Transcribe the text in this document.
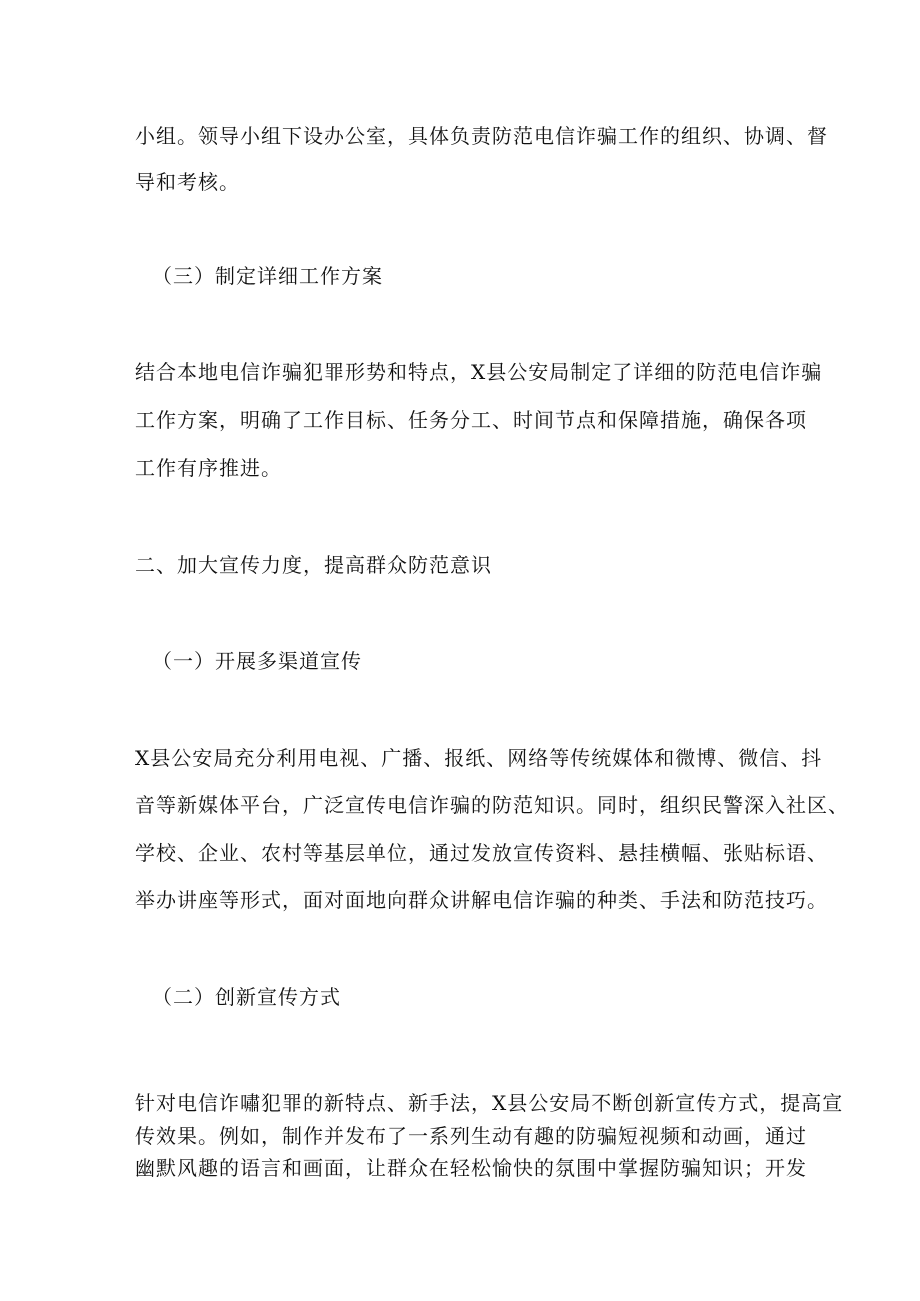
小组。领导小组下设办公室，具体负责防范电信诈骗工作的组织、协调、督
导和考核。
（三）制定详细工作方案
结合本地电信诈骗犯罪形势和特点，X县公安局制定了详细的防范电信诈骗
工作方案，明确了工作目标、任务分工、时间节点和保障措施，确保各项
工作有序推进。
二、加大宣传力度，提高群众防范意识
（一）开展多渠道宣传
X县公安局充分利用电视、广播、报纸、网络等传统媒体和微博、微信、抖
音等新媒体平台，广泛宣传电信诈骗的防范知识。同时，组织民警深入社区、
学校、企业、农村等基层单位，通过发放宣传资料、悬挂横幅、张贴标语、
举办讲座等形式，面对面地向群众讲解电信诈骗的种类、手法和防范技巧。
（二）创新宣传方式
针对电信诈嘯犯罪的新特点、新手法，X县公安局不断创新宣传方式，提高宣
传效果。例如，制作并发布了一系列生动有趣的防骗短视频和动画，通过
幽默风趣的语言和画面，让群众在轻松愉快的氛围中掌握防骗知识；开发
